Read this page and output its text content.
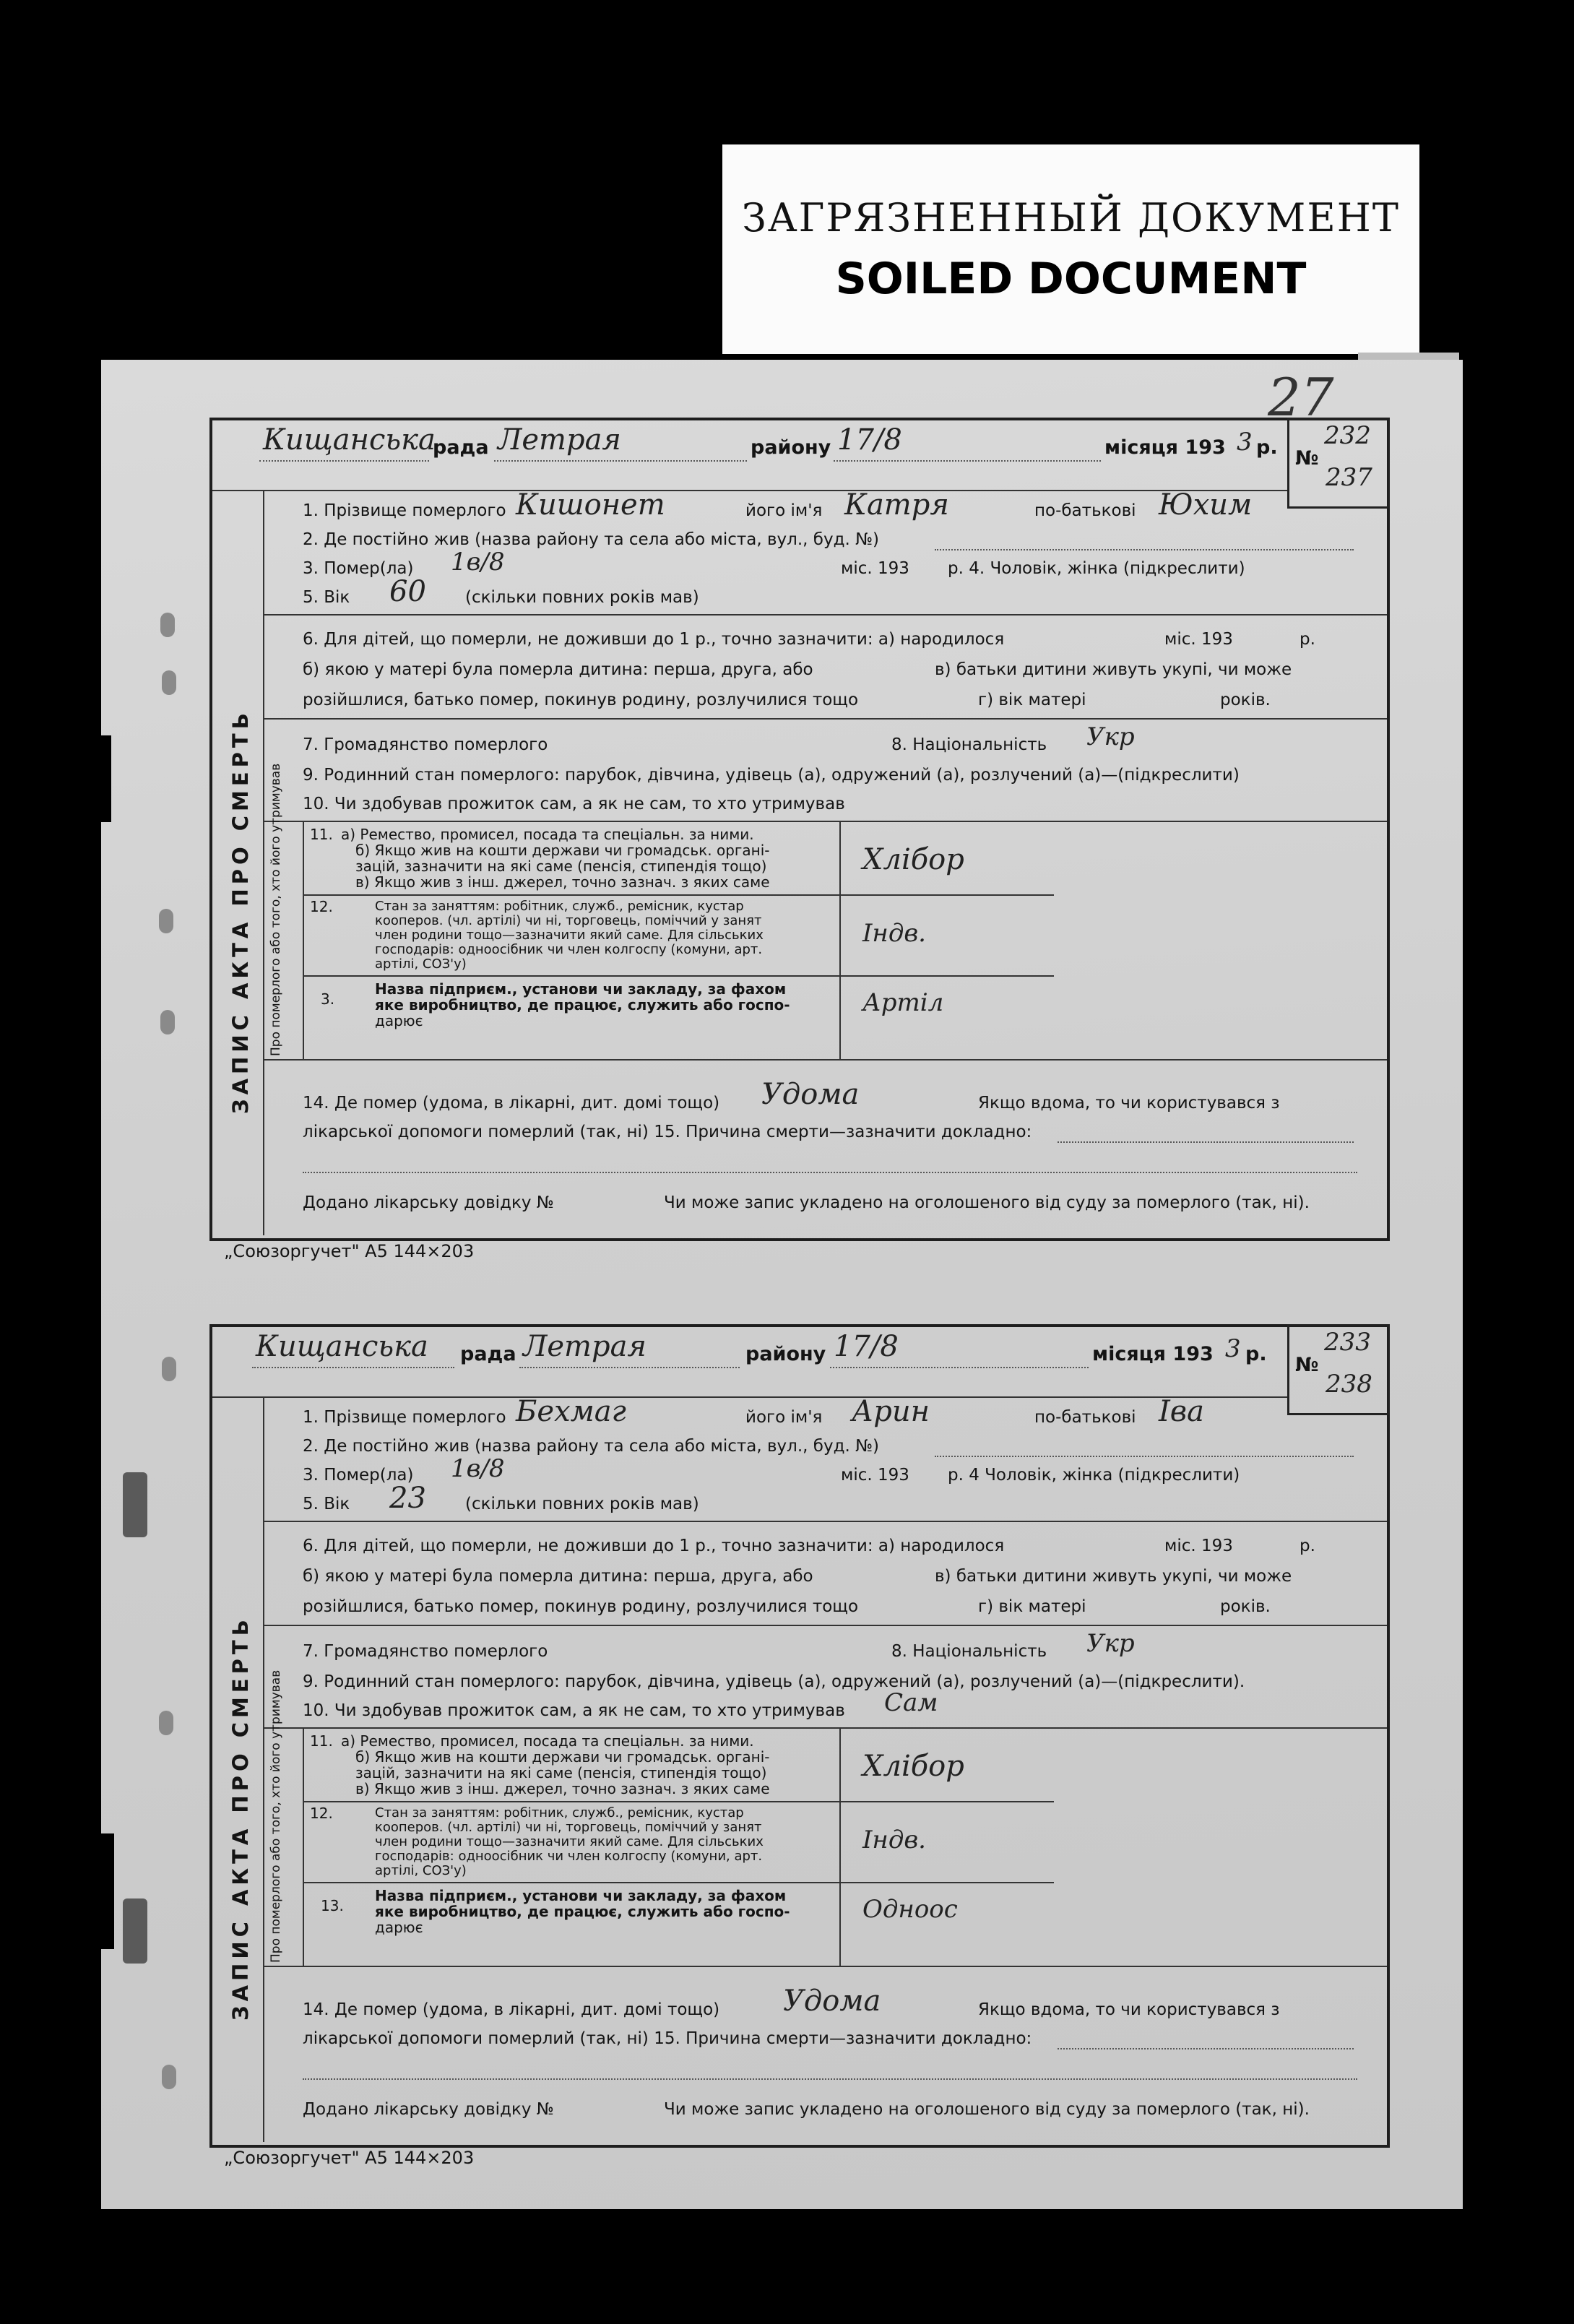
ЗАГРЯЗНЕННЫЙ ДОКУМЕНТ
SOILED DOCUMENT
27
Кищанська
рада Летрая	району 17/8	місяця 193 3 р. №
232
237
ЗАПИС АКТА ПРО СМЕРТЬ
1. Прізвище померлого Кишонет	його ім'я Катря	по-батькові Юхим
2. Де постійно жив (назва району та села або міста, вул., буд. №)
3. Помер(ла) 1в/8	міс. 193 р. 4. Чоловік, жінка (підкреслити)
5. Вік 60 (скільки повних років мав)
6. Для дітей, що померли, не доживши до 1 р., точно зазначити: а) народилося	міс. 193	р.
б) якою у матері була померла дитина: перша, друга, або	в) батьки дитини живуть укупі, чи може
розійшлися, батько помер, покинув родину, розлучилися тощо	г) вік матері	років.
7. Громадянство померлого	8. Національність Укр
9. Родинний стан померлого: парубок, дівчина, удівець (а), одружений (а), розлучений (а)—(підкреслити)
10. Чи здобував прожиток сам, а як не сам, то хто утримував
Про померлого або того, хто його утримував 11. а) Ремество, промисел, посада та спеціальн. за ними.
б) Якщо жив на кошти держави чи громадськ. органі-
зацій, зазначити на які саме (пенсія, стипендія тощо)
в) Якщо жив з інш. джерел, точно зазнач. з яких саме
Хлібор
12.	Стан за заняттям: робітник, служб., ремісник, кустар
кооперов. (чл. артілі) чи ні, торговець, поміччий у занят
член родини тощо—зазначити який саме. Для сільських
господарів: одноосібник чи член колгоспу (комуни, арт.
артілі, СОЗ'у)
Індв.
3.
Назва підприєм., установи чи закладу, за фахом
яке виробництво, де працює, служить або госпо-
дарює
Артіл
14. Де помер (удома, в лікарні, дит. домі тощо) Удома	Якщо вдома, то чи користувався з
лікарської допомоги померлий (так, ні) 15. Причина смерти—зазначити докладно:
Додано лікарську довідку №	Чи може запис укладено на оголошеного від суду за померлого (так, ні).
„Союзоргучет" А5 144×203
Кищанська рада Летрая	району 17/8	місяця 193 3 р. №
233
238
ЗАПИС АКТА ПРО СМЕРТЬ
1. Прізвище померлого Бехмаг	його ім'я Арин	по-батькові Іва
2. Де постійно жив (назва району та села або міста, вул., буд. №)
3. Помер(ла) 1в/8	міс. 193 р. 4 Чоловік, жінка (підкреслити)
5. Вік 23 (скільки повних років мав)
6. Для дітей, що померли, не доживши до 1 р., точно зазначити: а) народилося	міс. 193	р.
б) якою у матері була померла дитина: перша, друга, або	в) батьки дитини живуть укупі, чи може
розійшлися, батько помер, покинув родину, розлучилися тощо	г) вік матері	років.
7. Громадянство померлого	8. Національність Укр
9. Родинний стан померлого: парубок, дівчина, удівець (а), одружений (а), розлучений (а)—(підкреслити).
10. Чи здобував прожиток сам, а як не сам, то хто утримував Сам
Про померлого або того, хто його утримував 11. а) Ремество, промисел, посада та спеціальн. за ними.
б) Якщо жив на кошти держави чи громадськ. органі-
зацій, зазначити на які саме (пенсія, стипендія тощо)
в) Якщо жив з інш. джерел, точно зазнач. з яких саме
Хлібор
12.	Стан за заняттям: робітник, служб., ремісник, кустар
кооперов. (чл. артілі) чи ні, торговець, поміччий у занят
член родини тощо—зазначити який саме. Для сільських
господарів: одноосібник чи член колгоспу (комуни, арт.
артілі, СОЗ'у)
Індв.
13.
Назва підприєм., установи чи закладу, за фахом
яке виробництво, де працює, служить або госпо-
дарює
Одноос
14. Де помер (удома, в лікарні, дит. домі тощо) Удома	Якщо вдома, то чи користувався з
лікарської допомоги померлий (так, ні) 15. Причина смерти—зазначити докладно:
Додано лікарську довідку №	Чи може запис укладено на оголошеного від суду за померлого (так, ні).
„Союзоргучет" А5 144×203
